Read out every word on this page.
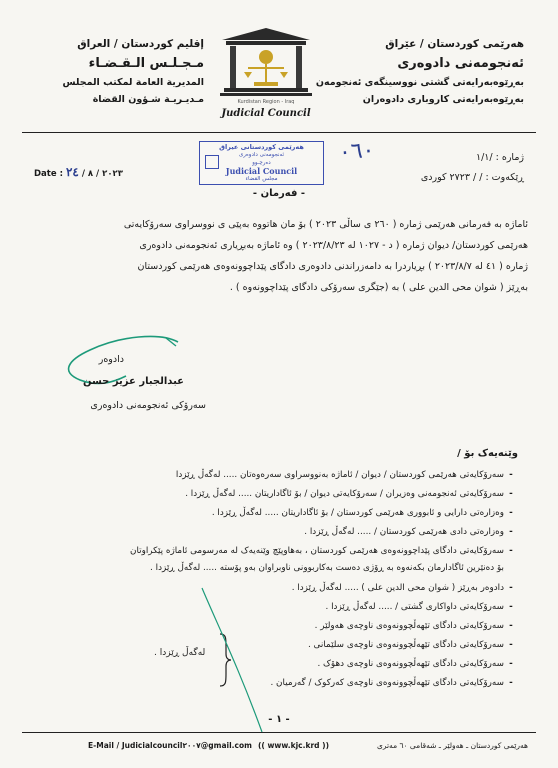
هەرێمی کوردستان / عێراق
ئەنجومەنی دادوەری
بەڕێوەبەرایەتی گشتی نووسینگەی ئەنجومەن
بەڕێوەبەرایەتی کاروباری دادوەران
إقليم كوردستان / العراق
مـجـلـس الـقـضـاء
المديرية العامة لمكتب المجلس
مـديـريـة شـؤون القضاة	Kurdistan Region - Iraq
Judicial Council
ژمارە : /١/١
٠٦٠
ڕێکەوت : / / ٢٧٢٣ کوردی
Date : ٢٠٢٣ / ٨ / ٢٤
هەرێمی کوردستانی عیراق
ئەنجومەنی دادوەری
دەرچـوو
Judicial Council
مجلس القضاء
- فەرمان -
ئاماژە بە فەرمانی هەرێمی ژمارە ( ٢٦٠ ی ساڵی ٢٠٢٣ ) بۆ مان هاتووە بەپێی ی نووسراوی سەرۆکایەتی
هەرێمی کوردستان/ دیوان ژمارە ( د - ١٠٢٧ لە ٢٠٢٣/٨/٢٣ ) وە ئاماژە بەبڕیاری ئەنجومەنی دادوەری
ژمارە ( ٤١ لە ٢٠٢٣/٨/٧ ) بڕیاردرا بە دامەزراندنی دادوەری دادگای پێداچوونەوەی هەرێمی کوردستان
بەڕێز ( شوان محی الدین علی ) بە (جێگری سەرۆکی دادگای پێداچوونەوە ) .
دادوەر
عبدالجبار عزیز حسن
سەرۆکی ئەنجومەنی دادوەری
وێنەیەک بۆ /
-سەرۆکایەتی هەرێمی کوردستان / دیوان / ئاماژە بەنووسراوی سەرەوەتان ..... لەگەڵ ڕێزدا
-سەرۆکایەتی ئەنجومەنی وەزیران / سەرۆکایەتی دیوان / بۆ ئاگاداریتان ..... لەگەڵ ڕێزدا .
-وەزارەتی دارایی و ئابووری هەرێمی کوردستان / بۆ ئاگاداریتان ..... لەگەڵ ڕێزدا .
-وەزارەتی دادی هەرێمی کوردستان / ..... لەگەڵ ڕێزدا .
-سەرۆکایەتی دادگای پێداچوونەوەی هەرێمی کوردستان ، بەهاوپێچ وێنەیەک لە مەرسومی ئاماژە پێکراوتان
بۆ دەنێرین ئاگادارمان بکەنەوە بە ڕۆژی دەست بەکاربوونی ناوبراوان بەو پۆستە ..... لەگەڵ ڕێزدا .
-دادوەر بەڕێز ( شوان محی الدین علی ) ..... لەگەڵ ڕێزدا .
-سەرۆکایەتی داواکاری گشتی / ..... لەگەڵ ڕێزدا .
-سەرۆکایەتی دادگای تێهەڵچوونەوەی ناوچەی هەولێر .
-سەرۆکایەتی دادگای تێهەڵچوونەوەی ناوچەی سلێمانی .
-سەرۆکایەتی دادگای تێهەڵچوونەوەی ناوچەی دهۆک .
-سەرۆکایەتی دادگای تێهەڵچوونەوەی ناوچەی کەرکوک / گەرمیان .
لەگەڵ ڕێزدا .
- ١ -
E-Mail / Judicialcouncil٢٠٠٧@gmail.com (( www.kjc.krd ))	هەرێمی کوردستان ـ هەولێر ـ شەقامی ٦٠ مەتری
